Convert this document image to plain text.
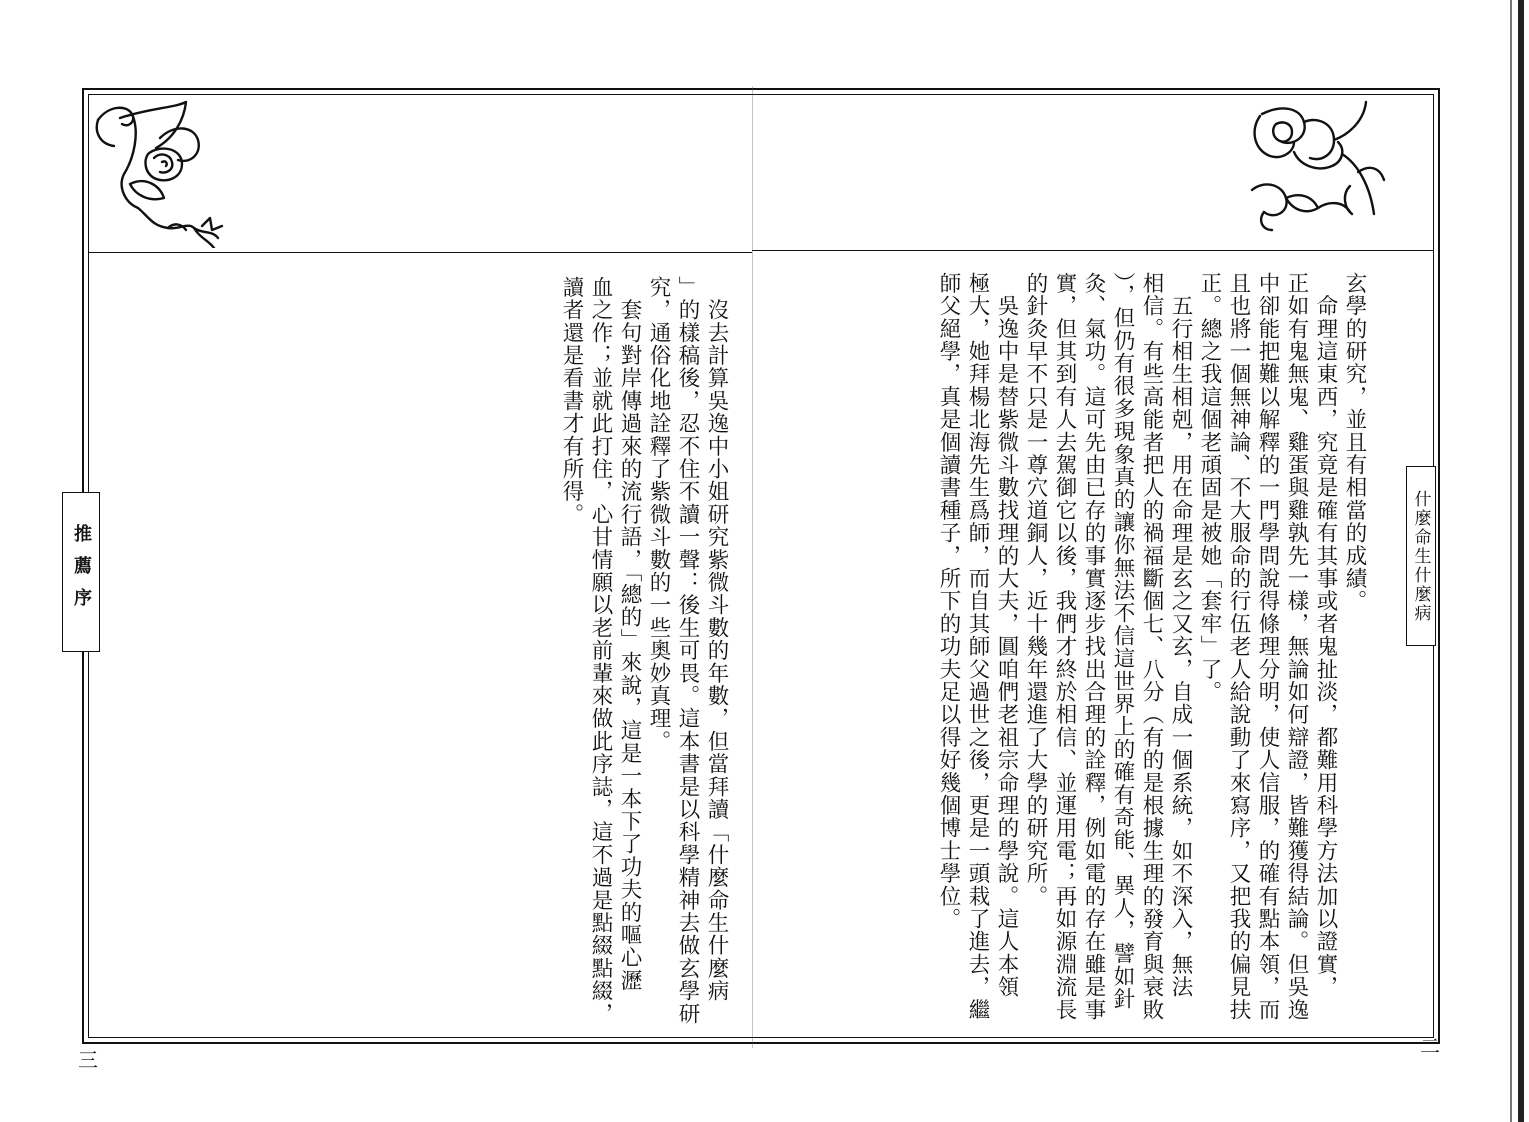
什麼命生什麼病
推薦序	玄學的研究，並且有相當的成績。
　命理這東西，究竟是確有其事或者鬼扯淡，都難用科學方法加以證實，
正如有鬼無鬼、雞蛋與雞孰先一樣，無論如何辯證，皆難獲得結論。但吳逸
中卻能把難以解釋的一門學問說得條理分明，使人信服，的確有點本領，而
且也將一個無神論、不大服命的行伍老人給說動了來寫序，又把我的偏見扶
正。總之我這個老頑固是被她「套牢」了。
　五行相生相剋，用在命理是玄之又玄，自成一個系統，如不深入，無法
相信。有些高能者把人的禍福斷個七、八分（有的是根據生理的發育與衰敗
），但仍有很多現象真的讓你無法不信這世界上的確有奇能、異人，譬如針
灸、氣功。這可先由已存的事實逐步找出合理的詮釋，例如電的存在雖是事
實，但其到有人去駕御它以後，我們才終於相信、並運用電；再如源淵流長
的針灸早不只是一尊穴道銅人，近十幾年還進了大學的研究所。
　吳逸中是替紫微斗數找理的大夫，圓咱們老祖宗命理的學說。這人本領
極大，她拜楊北海先生爲師，而自其師父過世之後，更是一頭栽了進去，繼
師父絕學，真是個讀書種子，所下的功夫足以得好幾個博士學位。
　沒去計算吳逸中小姐研究紫微斗數的年數，但當拜讀「什麼命生什麼病
」的樣稿後，忍不住不讀一聲：後生可畏。這本書是以科學精神去做玄學研
究，通俗化地詮釋了紫微斗數的一些奧妙真理。
　套句對岸傳過來的流行語，「總的」來說，這是一本下了功夫的嘔心瀝
血之作；並就此打住，心甘情願以老前輩來做此序誌，這不過是點綴點綴，
讀者還是看書才有所得。
三
二
